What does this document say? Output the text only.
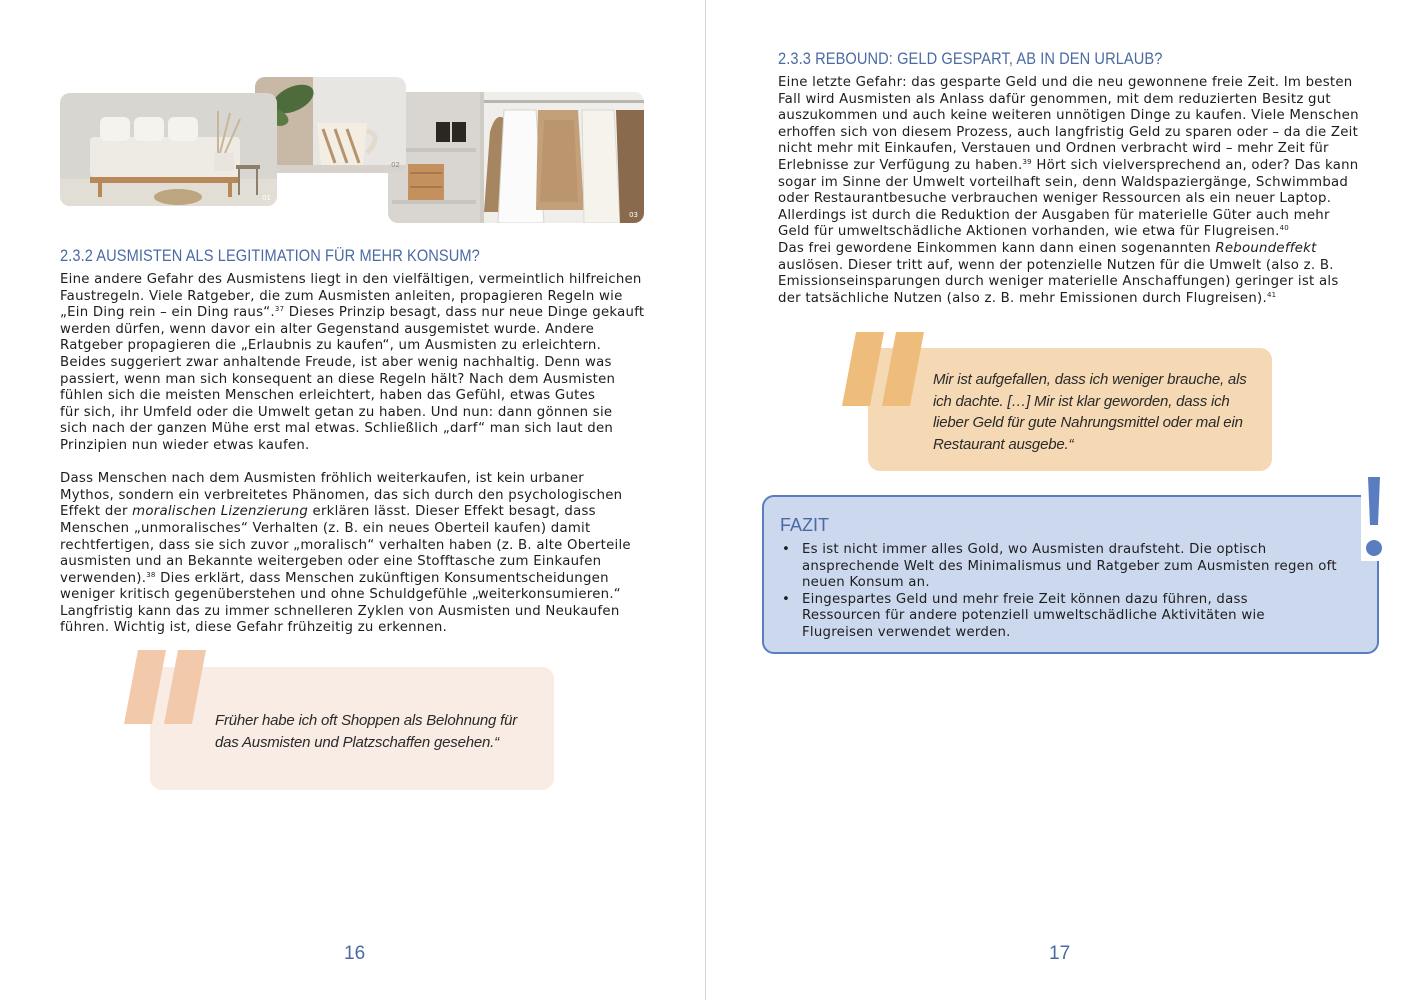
03
02
01
2.3.2 AUSMISTEN ALS LEGITIMATION FÜR MEHR KONSUM?

Eine andere Gefahr des Ausmistens liegt in den vielfältigen, vermeintlich hilfreichen

Faustregeln. Viele Ratgeber, die zum Ausmisten anleiten, propagieren Regeln wie

„Ein Ding rein – ein Ding raus“.$^{37}$ Dieses Prinzip besagt, dass nur neue Dinge gekauft

werden dürfen, wenn davor ein alter Gegenstand ausgemistet wurde. Andere

Ratgeber propagieren die „Erlaubnis zu kaufen“, um Ausmisten zu erleichtern.

Beides suggeriert zwar anhaltende Freude, ist aber wenig nachhaltig. Denn was

passiert, wenn man sich konsequent an diese Regeln hält? Nach dem Ausmisten

fühlen sich die meisten Menschen erleichtert, haben das Gefühl, etwas Gutes

für sich, ihr Umfeld oder die Umwelt getan zu haben. Und nun: dann gönnen sie

sich nach der ganzen Mühe erst mal etwas. Schließlich „darf“ man sich laut den

Prinzipien nun wieder etwas kaufen.

Dass Menschen nach dem Ausmisten fröhlich weiterkaufen, ist kein urbaner

Mythos, sondern ein verbreitetes Phänomen, das sich durch den psychologischen

Effekt der moralischen Lizenzierung erklären lässt. Dieser Effekt besagt, dass

Menschen „unmoralisches“ Verhalten (z. B. ein neues Oberteil kaufen) damit

rechtfertigen, dass sie sich zuvor „moralisch“ verhalten haben (z. B. alte Oberteile

ausmisten und an Bekannte weitergeben oder eine Stofftasche zum Einkaufen

verwenden).$^{38}$ Dies erklärt, dass Menschen zukünftigen Konsumentscheidungen

weniger kritisch gegenüberstehen und ohne Schuldgefühle „weiterkonsumieren.“

Langfristig kann das zu immer schnelleren Zyklen von Ausmisten und Neukaufen

führen. Wichtig ist, diese Gefahr frühzeitig zu erkennen.

Früher habe ich oft Shoppen als Belohnung für
das Ausmisten und Platzschaffen gesehen.“
16
2.3.3 REBOUND: GELD GESPART, AB IN DEN URLAUB?

Eine letzte Gefahr: das gesparte Geld und die neu gewonnene freie Zeit. Im besten

Fall wird Ausmisten als Anlass dafür genommen, mit dem reduzierten Besitz gut

auszukommen und auch keine weiteren unnötigen Dinge zu kaufen. Viele Menschen

erhoffen sich von diesem Prozess, auch langfristig Geld zu sparen oder – da die Zeit

nicht mehr mit Einkaufen, Verstauen und Ordnen verbracht wird – mehr Zeit für

Erlebnisse zur Verfügung zu haben.$^{39}$ Hört sich vielversprechend an, oder? Das kann

sogar im Sinne der Umwelt vorteilhaft sein, denn Waldspaziergänge, Schwimmbad

oder Restaurantbesuche verbrauchen weniger Ressourcen als ein neuer Laptop.

Allerdings ist durch die Reduktion der Ausgaben für materielle Güter auch mehr

Geld für umweltschädliche Aktionen vorhanden, wie etwa für Flugreisen.$^{40}$

Das frei gewordene Einkommen kann dann einen sogenannten Reboundeffekt

auslösen. Dieser tritt auf, wenn der potenzielle Nutzen für die Umwelt (also z. B.

Emissionseinsparungen durch weniger materielle Anschaffungen) geringer ist als

der tatsächliche Nutzen (also z. B. mehr Emissionen durch Flugreisen).$^{41}$

Mir ist aufgefallen, dass ich weniger brauche, als
ich dachte. […] Mir ist klar geworden, dass ich
lieber Geld für gute Nahrungsmittel oder mal ein
Restaurant ausgebe.“
FAZIT
• Es ist nicht immer alles Gold, wo Ausmisten draufsteht. Die optisch
ansprechende Welt des Minimalismus und Ratgeber zum Ausmisten regen oft
neuen Konsum an.
• Eingespartes Geld und mehr freie Zeit können dazu führen, dass
Ressourcen für andere potenziell umweltschädliche Aktivitäten wie
Flugreisen verwendet werden.
17
